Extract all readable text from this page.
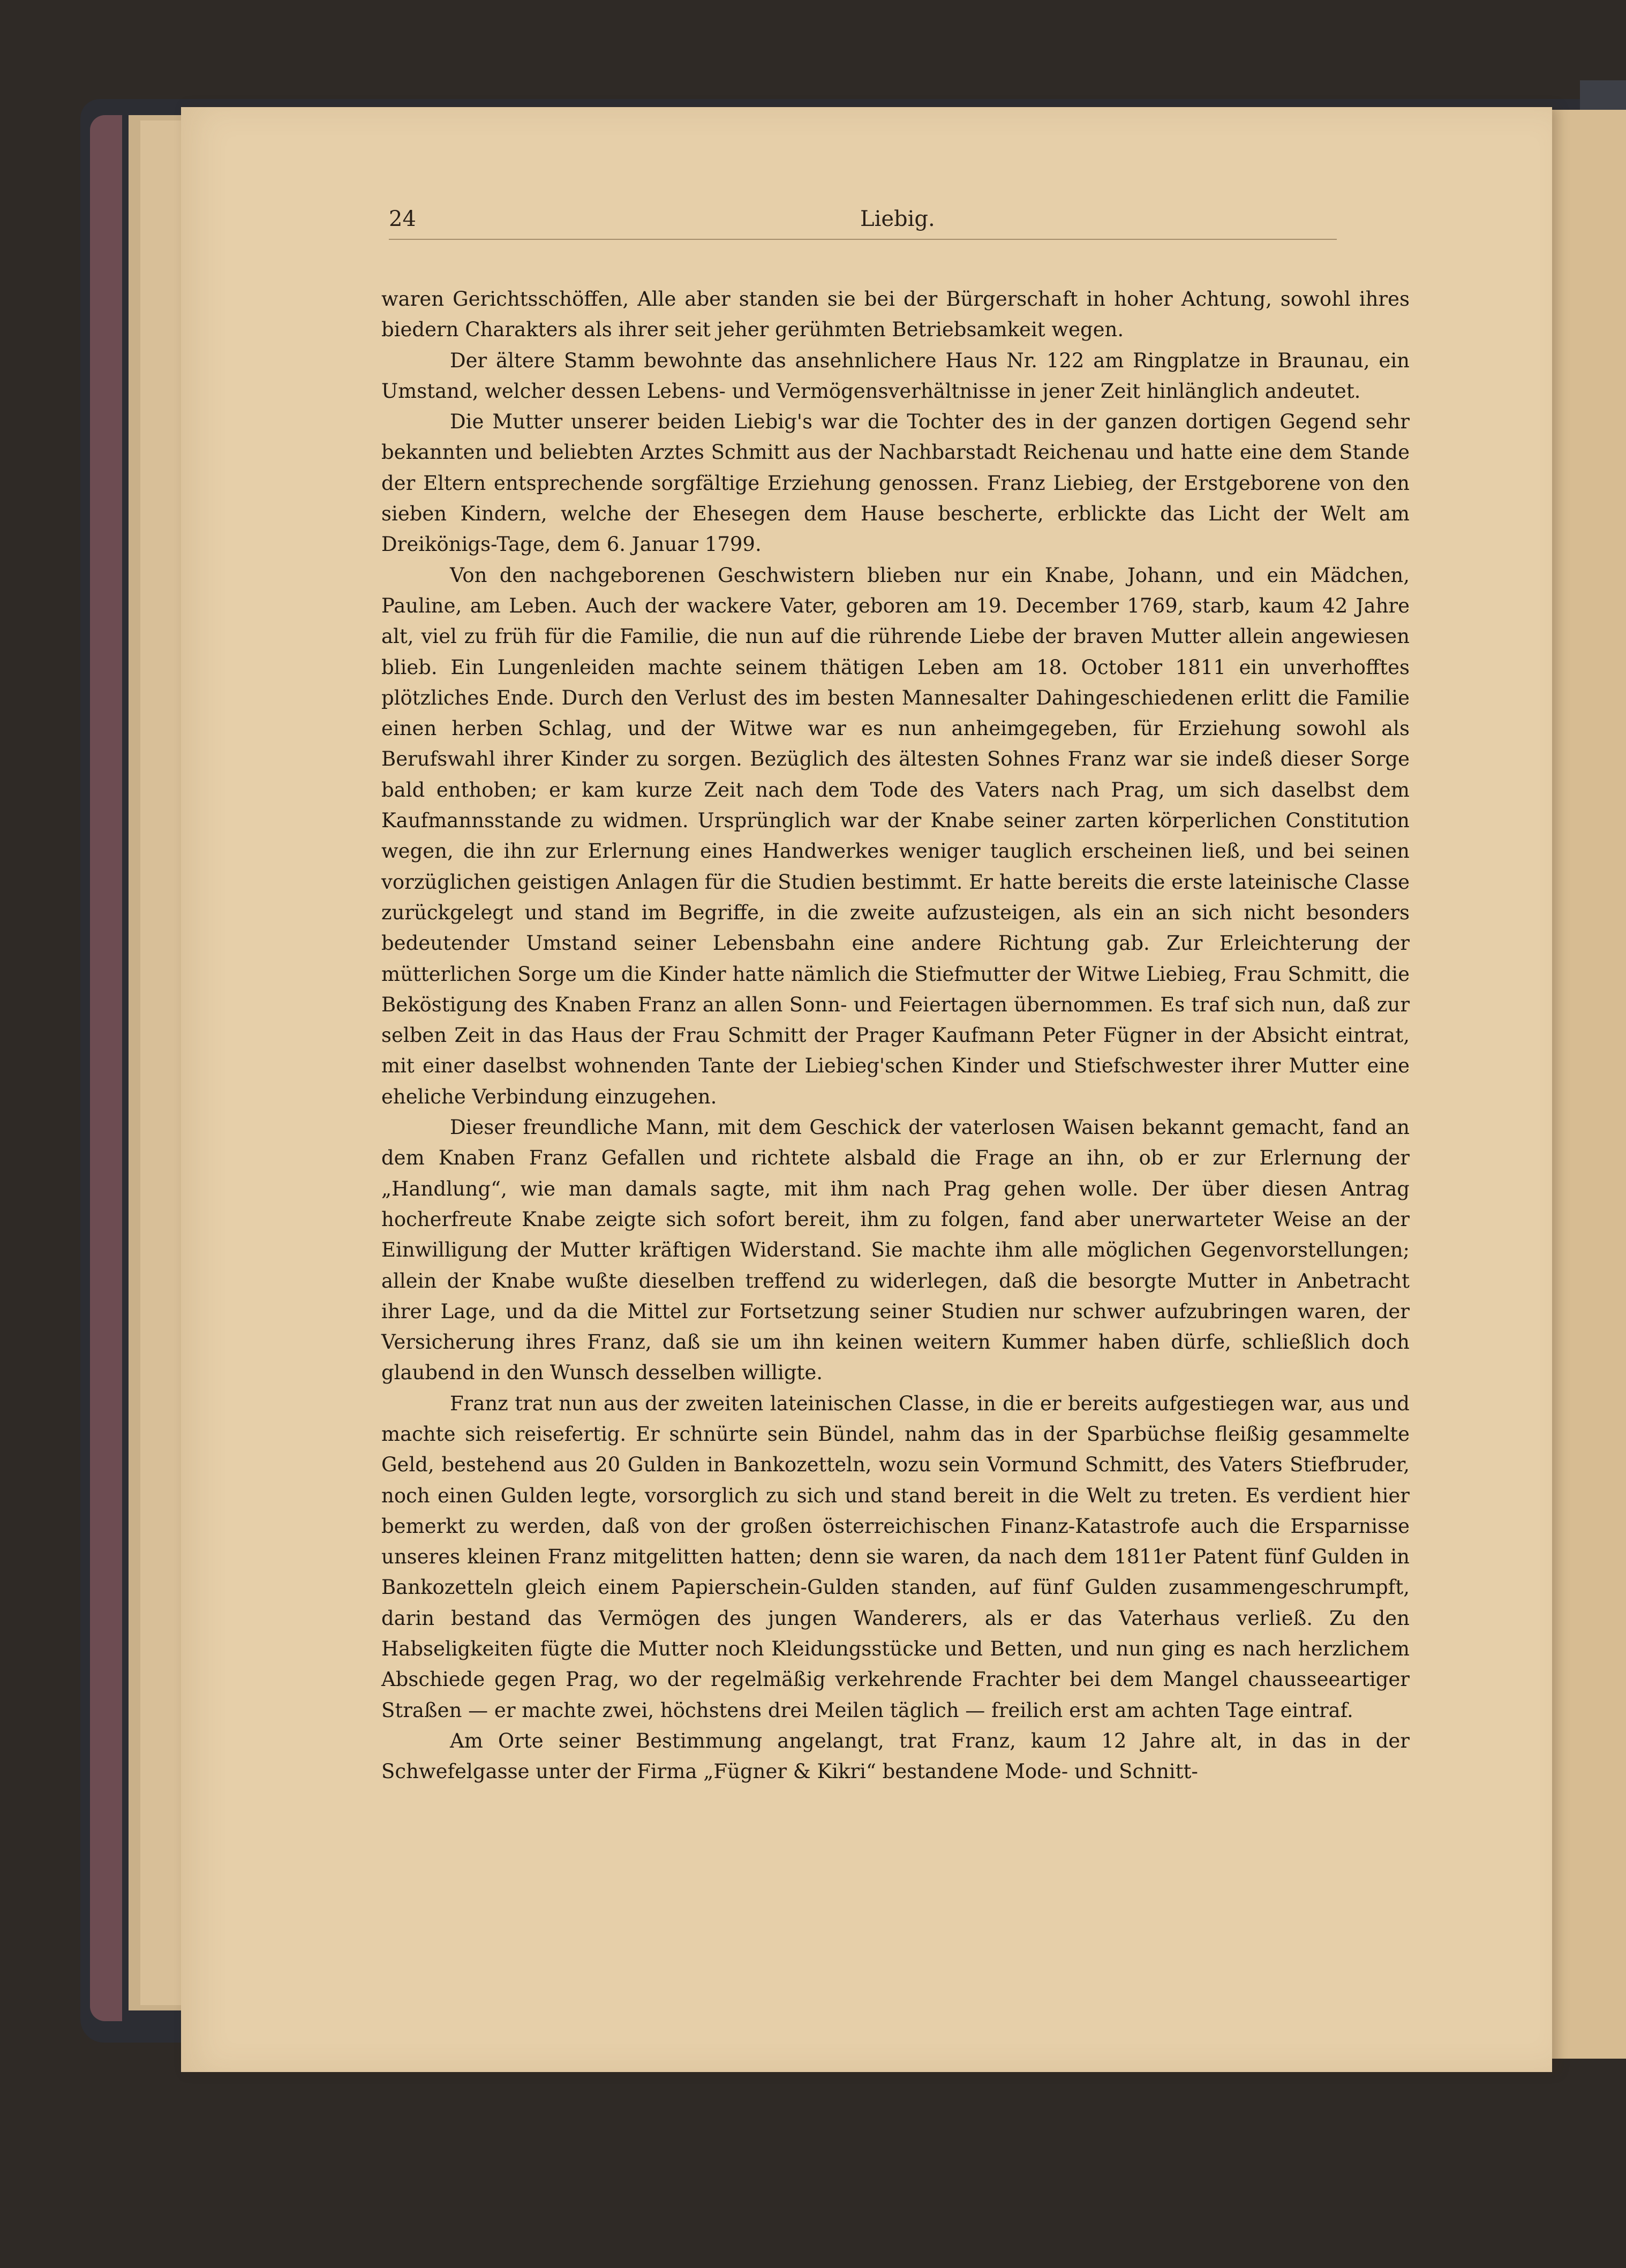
24	Liebig.

waren Gerichtsschöffen, Alle aber standen sie bei der Bürgerschaft in hoher Achtung, sowohl ihres biedern Charakters als ihrer seit jeher gerühmten Betriebsamkeit wegen.

Der ältere Stamm bewohnte das ansehnlichere Haus Nr. 122 am Ringplatze in Braunau, ein Umstand, welcher dessen Lebens- und Vermögensverhältnisse in jener Zeit hinlänglich andeutet.

Die Mutter unserer beiden Liebig's war die Tochter des in der ganzen dortigen Gegend sehr bekannten und beliebten Arztes Schmitt aus der Nachbarstadt Reichenau und hatte eine dem Stande der Eltern entsprechende sorgfältige Erziehung genossen. Franz Liebieg, der Erstgeborene von den sieben Kindern, welche der Ehesegen dem Hause bescherte, erblickte das Licht der Welt am Dreikönigs-Tage, dem 6. Januar 1799.

Von den nachgeborenen Geschwistern blieben nur ein Knabe, Johann, und ein Mädchen, Pauline, am Leben. Auch der wackere Vater, geboren am 19. December 1769, starb, kaum 42 Jahre alt, viel zu früh für die Familie, die nun auf die rührende Liebe der braven Mutter allein angewiesen blieb. Ein Lungenleiden machte seinem thätigen Leben am 18. October 1811 ein unverhofftes plötzliches Ende. Durch den Verlust des im besten Mannesalter Dahingeschiedenen erlitt die Familie einen herben Schlag, und der Witwe war es nun anheimgegeben, für Erziehung sowohl als Berufswahl ihrer Kinder zu sorgen. Bezüglich des ältesten Sohnes Franz war sie indeß dieser Sorge bald enthoben; er kam kurze Zeit nach dem Tode des Vaters nach Prag, um sich daselbst dem Kaufmannsstande zu widmen. Ursprünglich war der Knabe seiner zarten körperlichen Constitution wegen, die ihn zur Erlernung eines Handwerkes weniger tauglich erscheinen ließ, und bei seinen vorzüglichen geistigen Anlagen für die Studien bestimmt. Er hatte bereits die erste lateinische Classe zurückgelegt und stand im Begriffe, in die zweite aufzusteigen, als ein an sich nicht besonders bedeutender Umstand seiner Lebensbahn eine andere Richtung gab. Zur Erleichterung der mütterlichen Sorge um die Kinder hatte nämlich die Stiefmutter der Witwe Liebieg, Frau Schmitt, die Beköstigung des Knaben Franz an allen Sonn- und Feiertagen übernommen. Es traf sich nun, daß zur selben Zeit in das Haus der Frau Schmitt der Prager Kaufmann Peter Fügner in der Absicht eintrat, mit einer daselbst wohnenden Tante der Liebieg'schen Kinder und Stiefschwester ihrer Mutter eine eheliche Verbindung einzugehen.

Dieser freundliche Mann, mit dem Geschick der vaterlosen Waisen bekannt gemacht, fand an dem Knaben Franz Gefallen und richtete alsbald die Frage an ihn, ob er zur Erlernung der „Handlung“, wie man damals sagte, mit ihm nach Prag gehen wolle. Der über diesen Antrag hocherfreute Knabe zeigte sich sofort bereit, ihm zu folgen, fand aber unerwarteter Weise an der Einwilligung der Mutter kräftigen Widerstand. Sie machte ihm alle möglichen Gegenvorstellungen; allein der Knabe wußte dieselben treffend zu widerlegen, daß die besorgte Mutter in Anbetracht ihrer Lage, und da die Mittel zur Fortsetzung seiner Studien nur schwer aufzubringen waren, der Versicherung ihres Franz, daß sie um ihn keinen weitern Kummer haben dürfe, schließlich doch glaubend in den Wunsch desselben willigte.

Franz trat nun aus der zweiten lateinischen Classe, in die er bereits aufgestiegen war, aus und machte sich reisefertig. Er schnürte sein Bündel, nahm das in der Sparbüchse fleißig gesammelte Geld, bestehend aus 20 Gulden in Bankozetteln, wozu sein Vormund Schmitt, des Vaters Stiefbruder, noch einen Gulden legte, vorsorglich zu sich und stand bereit in die Welt zu treten. Es verdient hier bemerkt zu werden, daß von der großen österreichischen Finanz-Katastrofe auch die Ersparnisse unseres kleinen Franz mitgelitten hatten; denn sie waren, da nach dem 1811er Patent fünf Gulden in Bankozetteln gleich einem Papierschein-Gulden standen, auf fünf Gulden zusammengeschrumpft, darin bestand das Vermögen des jungen Wanderers, als er das Vaterhaus verließ. Zu den Habseligkeiten fügte die Mutter noch Kleidungsstücke und Betten, und nun ging es nach herzlichem Abschiede gegen Prag, wo der regelmäßig verkehrende Frachter bei dem Mangel chausseeartiger Straßen — er machte zwei, höchstens drei Meilen täglich — freilich erst am achten Tage eintraf.

Am Orte seiner Bestimmung angelangt, trat Franz, kaum 12 Jahre alt, in das in der Schwefelgasse unter der Firma „Fügner & Kikri“ bestandene Mode- und Schnitt-
